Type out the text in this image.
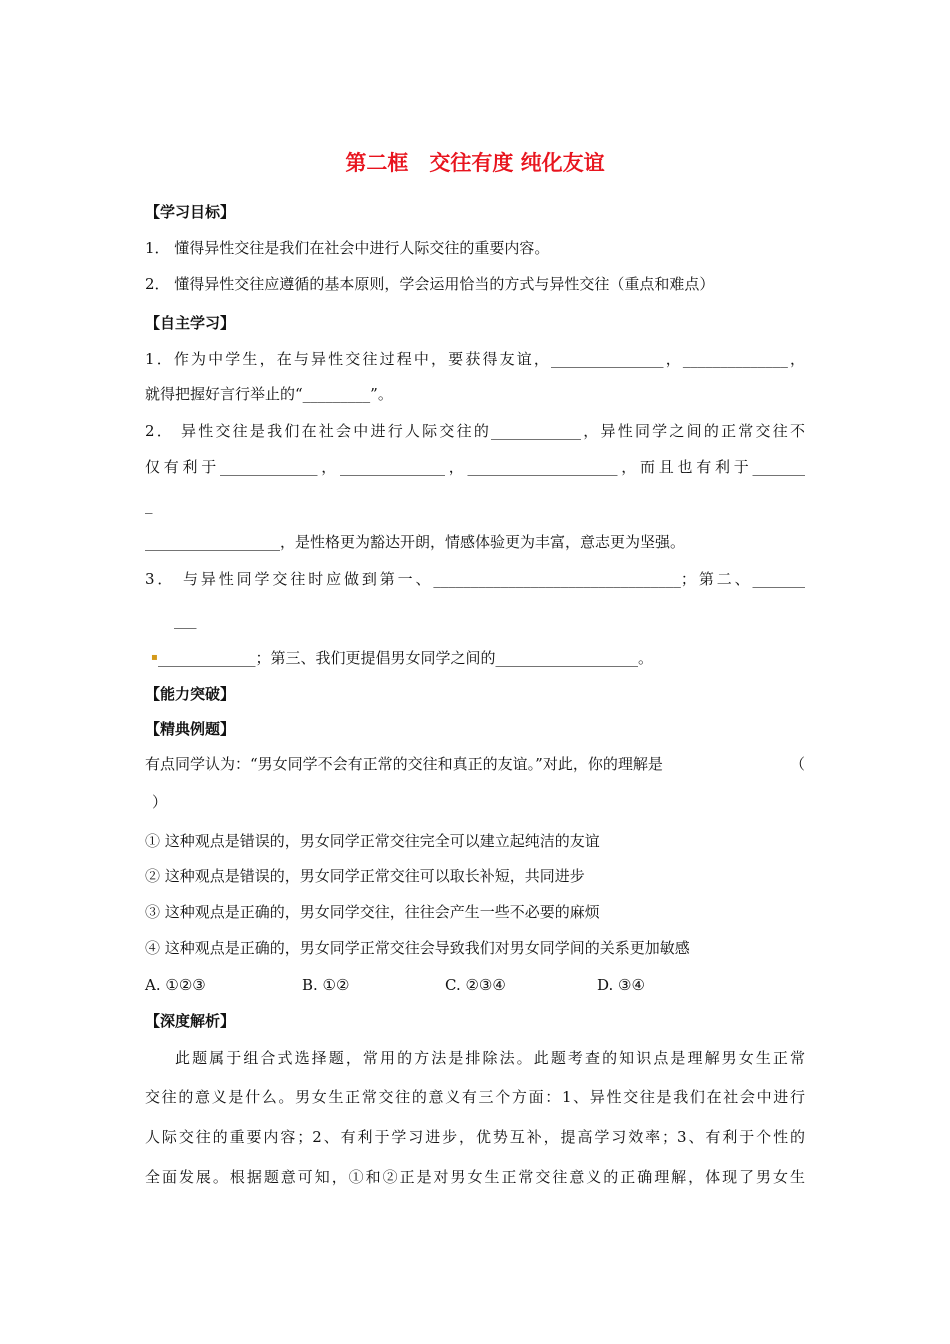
第二框　交往有度 纯化友谊
【学习目标】
1． 懂得异性交往是我们在社会中进行人际交往的重要内容。
2． 懂得异性交往应遵循的基本原则，学会运用恰当的方式与异性交往（重点和难点）
【自主学习】
1．作为中学生，在与异性交往过程中，要获得友谊，_______________，______________，
就得把握好言行举止的“_________”。
2． 异性交往是我们在社会中进行人际交往的____________，异性同学之间的正常交往不
仅有利于_____________，______________，____________________，而且也有利于_______
_
__________________，是性格更为豁达开朗，情感体验更为丰富，意志更为坚强。
3． 与异性同学交往时应做到第一、_________________________________；第二、_______
___
▪ _____________；第三、我们更提倡男女同学之间的___________________。
【能力突破】
【精典例题】
有点同学认为：“男女同学不会有正常的交往和真正的友谊。”对此，你的理解是	（
）
① 这种观点是错误的，男女同学正常交往完全可以建立起纯洁的友谊
② 这种观点是错误的，男女同学正常交往可以取长补短，共同进步
③ 这种观点是正确的，男女同学交往，往往会产生一些不必要的麻烦
④ 这种观点是正确的，男女同学正常交往会导致我们对男女同学间的关系更加敏感
A. ①②③	B. ①②	C. ②③④	D. ③④
【深度解析】
此题属于组合式选择题，常用的方法是排除法。此题考查的知识点是理解男女生正常
交往的意义是什么。男女生正常交往的意义有三个方面：1、异性交往是我们在社会中进行
人际交往的重要内容；2、有利于学习进步，优势互补，提高学习效率；3、有利于个性的
全面发展。根据题意可知，①和②正是对男女生正常交往意义的正确理解，体现了男女生
